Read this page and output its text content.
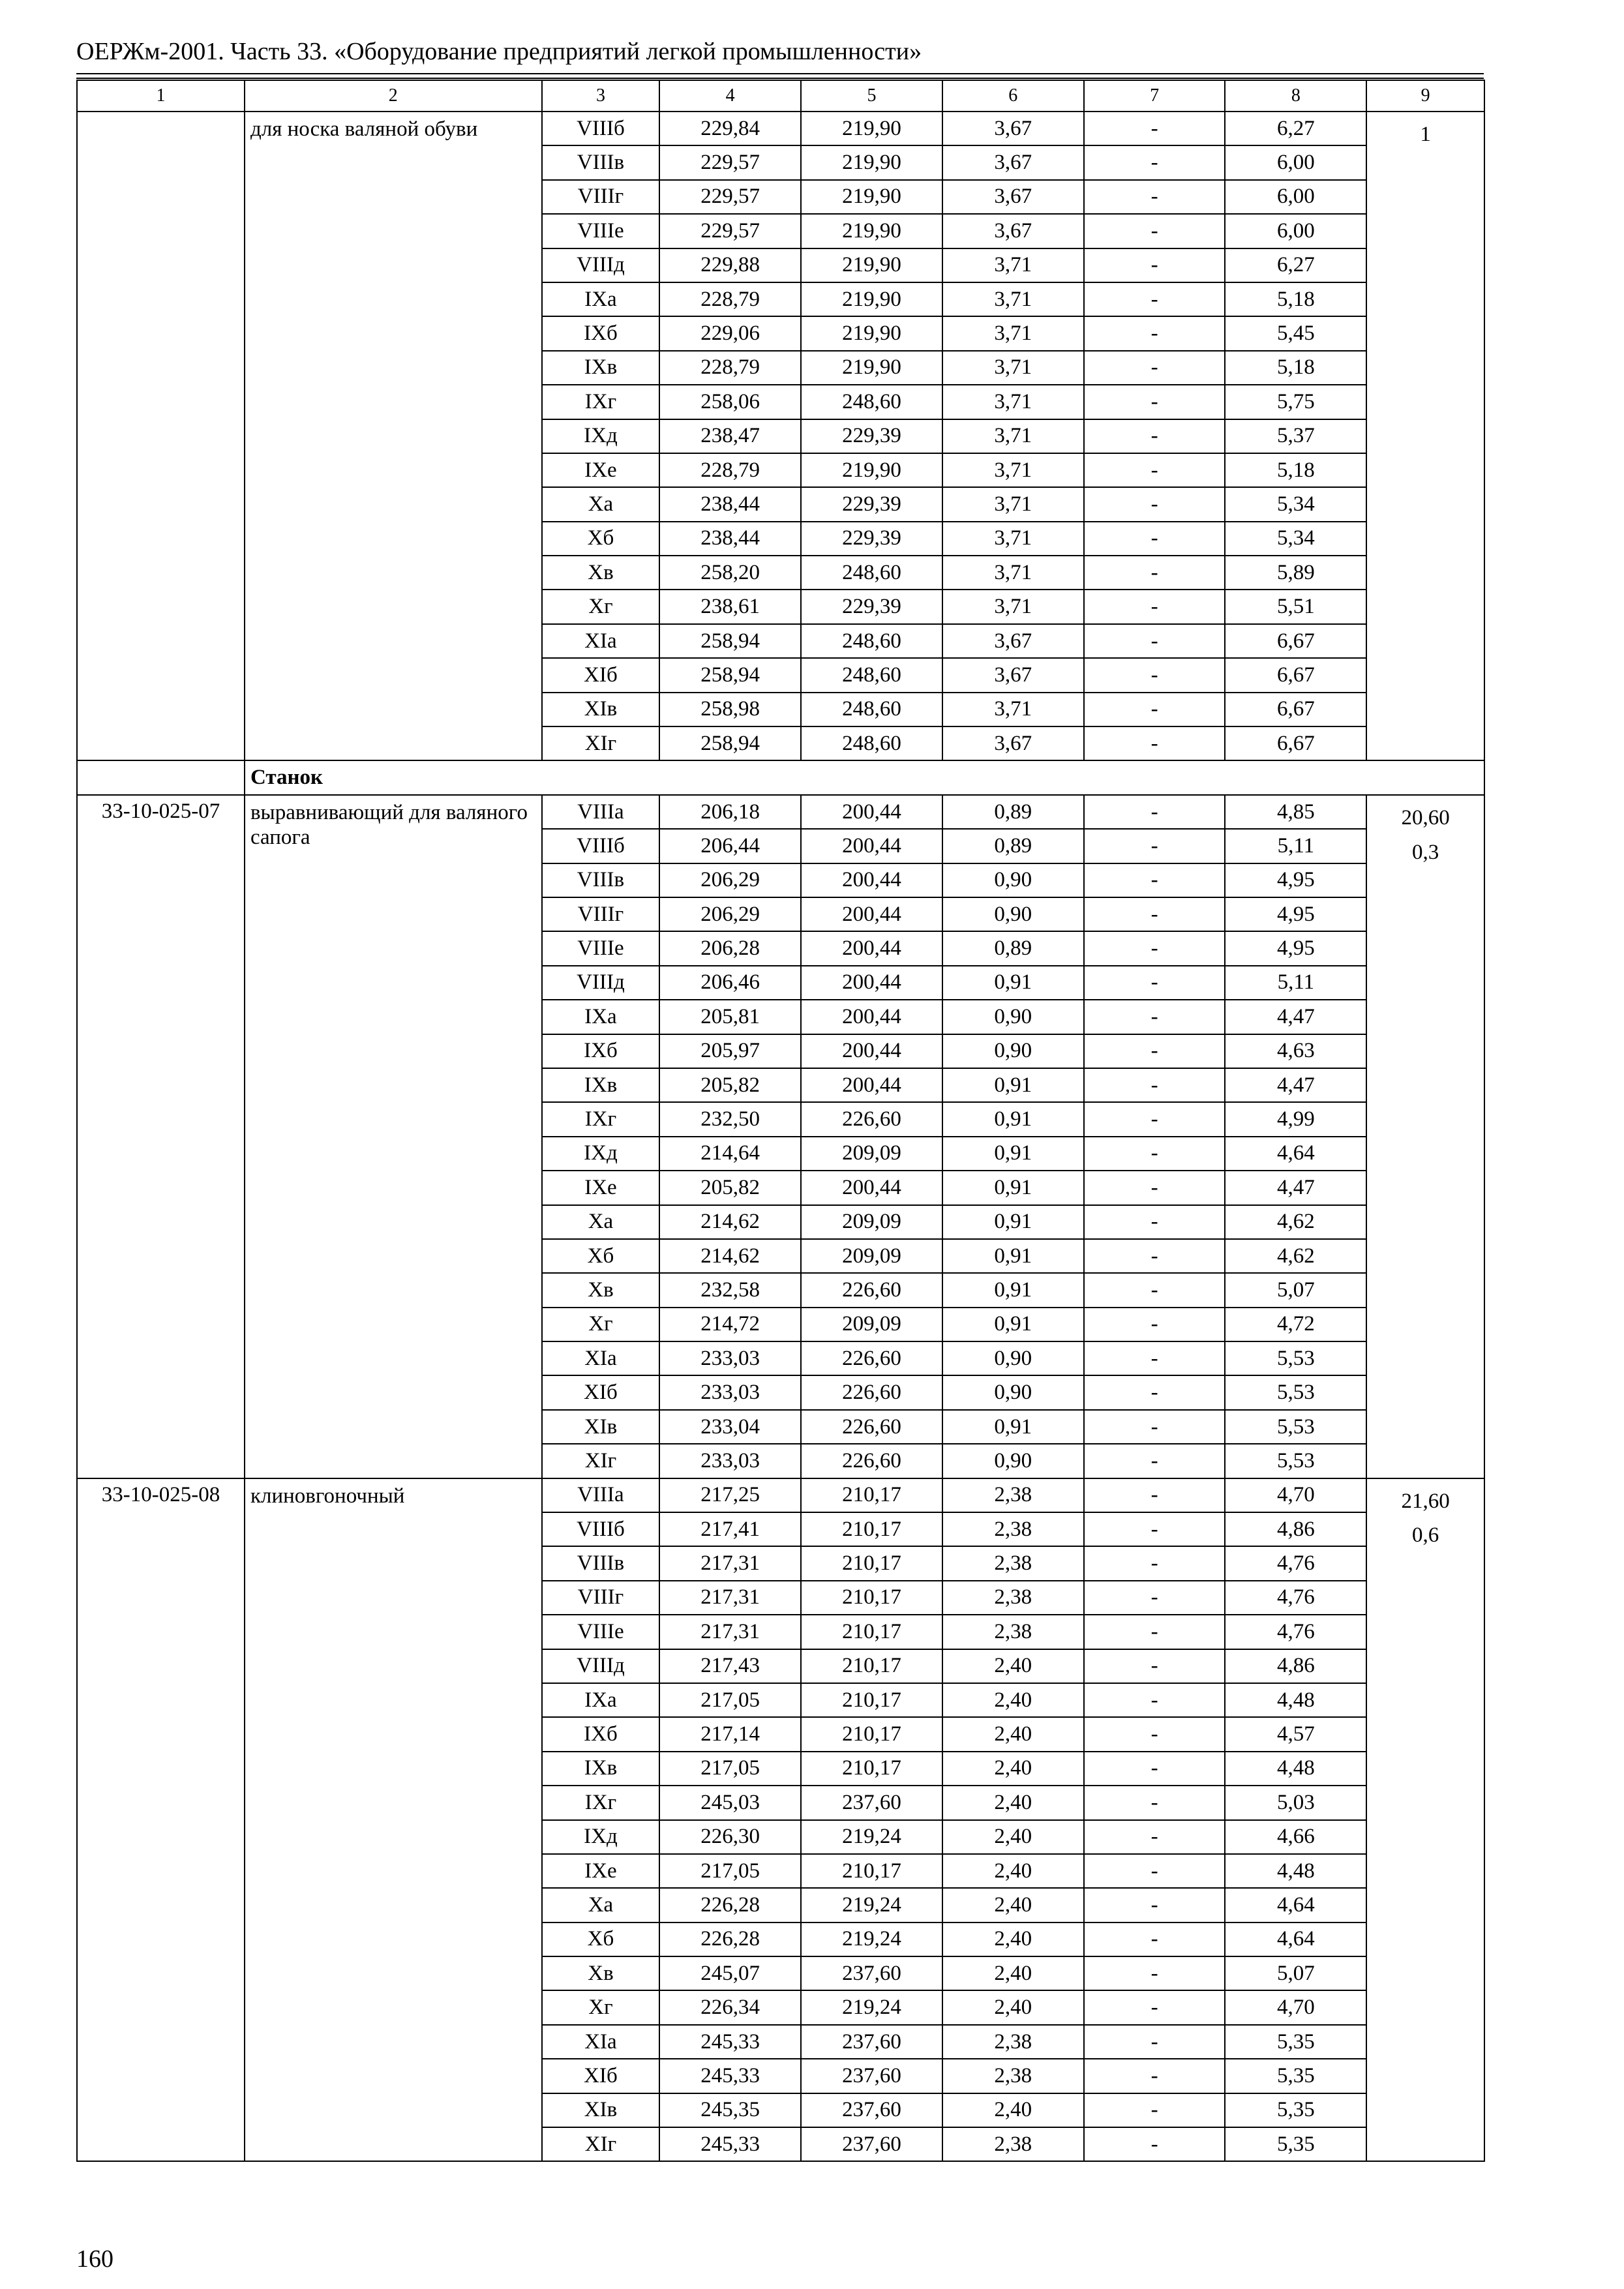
ОЕРЖм-2001. Часть 33. «Оборудование предприятий легкой промышленности»
1	2	3	4	5	6	7	8	9
	для носка валяной обуви	VIIIб	229,84	219,90	3,67	-	6,27	1

		VIIIв	229,57	219,90	3,67	-	6,00	
		VIIIг	229,57	219,90	3,67	-	6,00	
		VIIIе	229,57	219,90	3,67	-	6,00	
		VIIIд	229,88	219,90	3,71	-	6,27	
		IXа	228,79	219,90	3,71	-	5,18	
		IXб	229,06	219,90	3,71	-	5,45	
		IXв	228,79	219,90	3,71	-	5,18	
		IXг	258,06	248,60	3,71	-	5,75	
		IXд	238,47	229,39	3,71	-	5,37	
		IXе	228,79	219,90	3,71	-	5,18	
		Xа	238,44	229,39	3,71	-	5,34	
		Xб	238,44	229,39	3,71	-	5,34	
		Xв	258,20	248,60	3,71	-	5,89	
		Xг	238,61	229,39	3,71	-	5,51	
		XIа	258,94	248,60	3,67	-	6,67	
		XIб	258,94	248,60	3,67	-	6,67	
		XIв	258,98	248,60	3,71	-	6,67	
		XIг	258,94	248,60	3,67	-	6,67	
	Станок							
33-10-025-07	выравнивающий для валяного сапога	VIIIа	206,18	200,44	0,89	-	4,85	20,60
0,3

		VIIIб	206,44	200,44	0,89	-	5,11	
		VIIIв	206,29	200,44	0,90	-	4,95	
		VIIIг	206,29	200,44	0,90	-	4,95	
		VIIIе	206,28	200,44	0,89	-	4,95	
		VIIIд	206,46	200,44	0,91	-	5,11	
		IXа	205,81	200,44	0,90	-	4,47	
		IXб	205,97	200,44	0,90	-	4,63	
		IXв	205,82	200,44	0,91	-	4,47	
		IXг	232,50	226,60	0,91	-	4,99	
		IXд	214,64	209,09	0,91	-	4,64	
		IXе	205,82	200,44	0,91	-	4,47	
		Xа	214,62	209,09	0,91	-	4,62	
		Xб	214,62	209,09	0,91	-	4,62	
		Xв	232,58	226,60	0,91	-	5,07	
		Xг	214,72	209,09	0,91	-	4,72	
		XIа	233,03	226,60	0,90	-	5,53	
		XIб	233,03	226,60	0,90	-	5,53	
		XIв	233,04	226,60	0,91	-	5,53	
		XIг	233,03	226,60	0,90	-	5,53	
33-10-025-08	клиновгоночный	VIIIа	217,25	210,17	2,38	-	4,70	21,60
0,6

		VIIIб	217,41	210,17	2,38	-	4,86	
		VIIIв	217,31	210,17	2,38	-	4,76	
		VIIIг	217,31	210,17	2,38	-	4,76	
		VIIIе	217,31	210,17	2,38	-	4,76	
		VIIIд	217,43	210,17	2,40	-	4,86	
		IXа	217,05	210,17	2,40	-	4,48	
		IXб	217,14	210,17	2,40	-	4,57	
		IXв	217,05	210,17	2,40	-	4,48	
		IXг	245,03	237,60	2,40	-	5,03	
		IXд	226,30	219,24	2,40	-	4,66	
		IXе	217,05	210,17	2,40	-	4,48	
		Xа	226,28	219,24	2,40	-	4,64	
		Xб	226,28	219,24	2,40	-	4,64	
		Xв	245,07	237,60	2,40	-	5,07	
		Xг	226,34	219,24	2,40	-	4,70	
		XIа	245,33	237,60	2,38	-	5,35	
		XIб	245,33	237,60	2,38	-	5,35	
		XIв	245,35	237,60	2,40	-	5,35	
		XIг	245,33	237,60	2,38	-	5,35	
160
